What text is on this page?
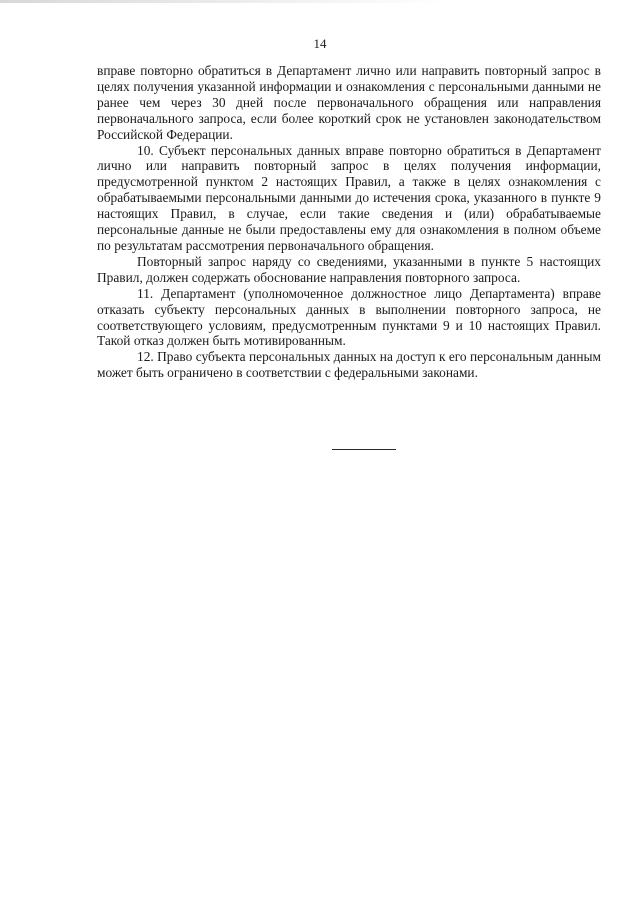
14

вправе повторно обратиться в Департамент лично или направить повторный запрос в целях получения указанной информации и ознакомления с персональными данными не ранее чем через 30 дней после первоначального обращения или направления первоначального запроса, если более короткий срок не установлен законодательством Российской Федерации.

10. Субъект персональных данных вправе повторно обратиться в Департамент лично или направить повторный запрос в целях получения информации, предусмотренной пунктом 2 настоящих Правил, а также в целях ознакомления с обрабатываемыми персональными данными до истечения срока, указанного в пункте 9 настоящих Правил, в случае, если такие сведения и (или) обрабатываемые персональные данные не были предоставлены ему для ознакомления в полном объеме по результатам рассмотрения первоначального обращения.

Повторный запрос наряду со сведениями, указанными в пункте 5 настоящих Правил, должен содержать обоснование направления повторного запроса.

11. Департамент (уполномоченное должностное лицо Департамента) вправе отказать субъекту персональных данных в выполнении повторного запроса, не соответствующего условиям, предусмотренным пунктами 9 и 10 настоящих Правил. Такой отказ должен быть мотивированным.

12. Право субъекта персональных данных на доступ к его персональным данным может быть ограничено в соответствии с федеральными законами.
